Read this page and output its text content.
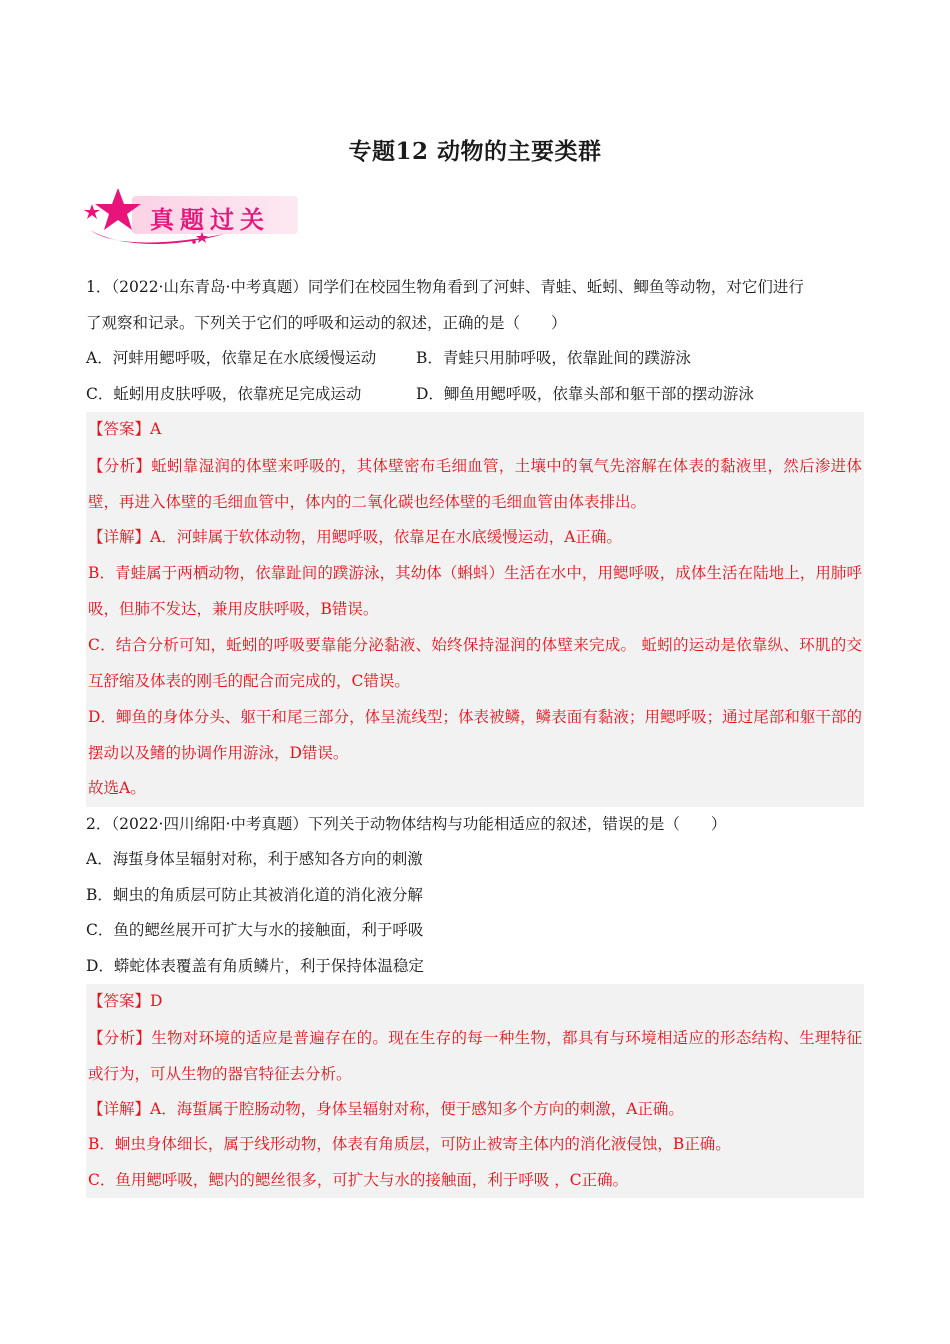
专题12 动物的主要类群
真题过关
1．（2022·山东青岛·中考真题）同学们在校园生物角看到了河蚌、青蛙、蚯蚓、鲫鱼等动物，对它们进行
了观察和记录。下列关于它们的呼吸和运动的叙述，正确的是（　　）
A．河蚌用鳃呼吸，依靠足在水底缓慢运动	B．青蛙只用肺呼吸，依靠趾间的蹼游泳
C．蚯蚓用皮肤呼吸，依靠疣足完成运动	D．鲫鱼用鳃呼吸，依靠头部和躯干部的摆动游泳
【答案】A
【分析】蚯蚓靠湿润的体壁来呼吸的，其体壁密布毛细血管，土壤中的氧气先溶解在体表的黏液里，然后渗进体壁，再进入体壁的毛细血管中，体内的二氧化碳也经体壁的毛细血管由体表排出。
【详解】A．河蚌属于软体动物，用鳃呼吸，依靠足在水底缓慢运动，A正确。
B．青蛙属于两栖动物，依靠趾间的蹼游泳，其幼体（蝌蚪）生活在水中，用鳃呼吸，成体生活在陆地上，用肺呼吸，但肺不发达，兼用皮肤呼吸，B错误。
C．结合分析可知，蚯蚓的呼吸要靠能分泌黏液、始终保持湿润的体壁来完成。 蚯蚓的运动是依靠纵、环肌的交互舒缩及体表的刚毛的配合而完成的，C错误。
D．鲫鱼的身体分头、躯干和尾三部分，体呈流线型；体表被鳞，鳞表面有黏液；用鳃呼吸；通过尾部和躯干部的摆动以及鳍的协调作用游泳，D错误。
故选A。
2．（2022·四川绵阳·中考真题）下列关于动物体结构与功能相适应的叙述，错误的是（　　）
A．海蜇身体呈辐射对称，利于感知各方向的刺激
B．蛔虫的角质层可防止其被消化道的消化液分解
C．鱼的鳃丝展开可扩大与水的接触面，利于呼吸
D．蟒蛇体表覆盖有角质鳞片，利于保持体温稳定
【答案】D
【分析】生物对环境的适应是普遍存在的。现在生存的每一种生物，都具有与环境相适应的形态结构、生理特征或行为，可从生物的器官特征去分析。
【详解】A．海蜇属于腔肠动物，身体呈辐射对称，便于感知多个方向的刺激，A正确。
B．蛔虫身体细长，属于线形动物，体表有角质层，可防止被寄主体内的消化液侵蚀，B正确。
C．鱼用鳃呼吸，鳃内的鳃丝很多，可扩大与水的接触面，利于呼吸 ，C正确。
